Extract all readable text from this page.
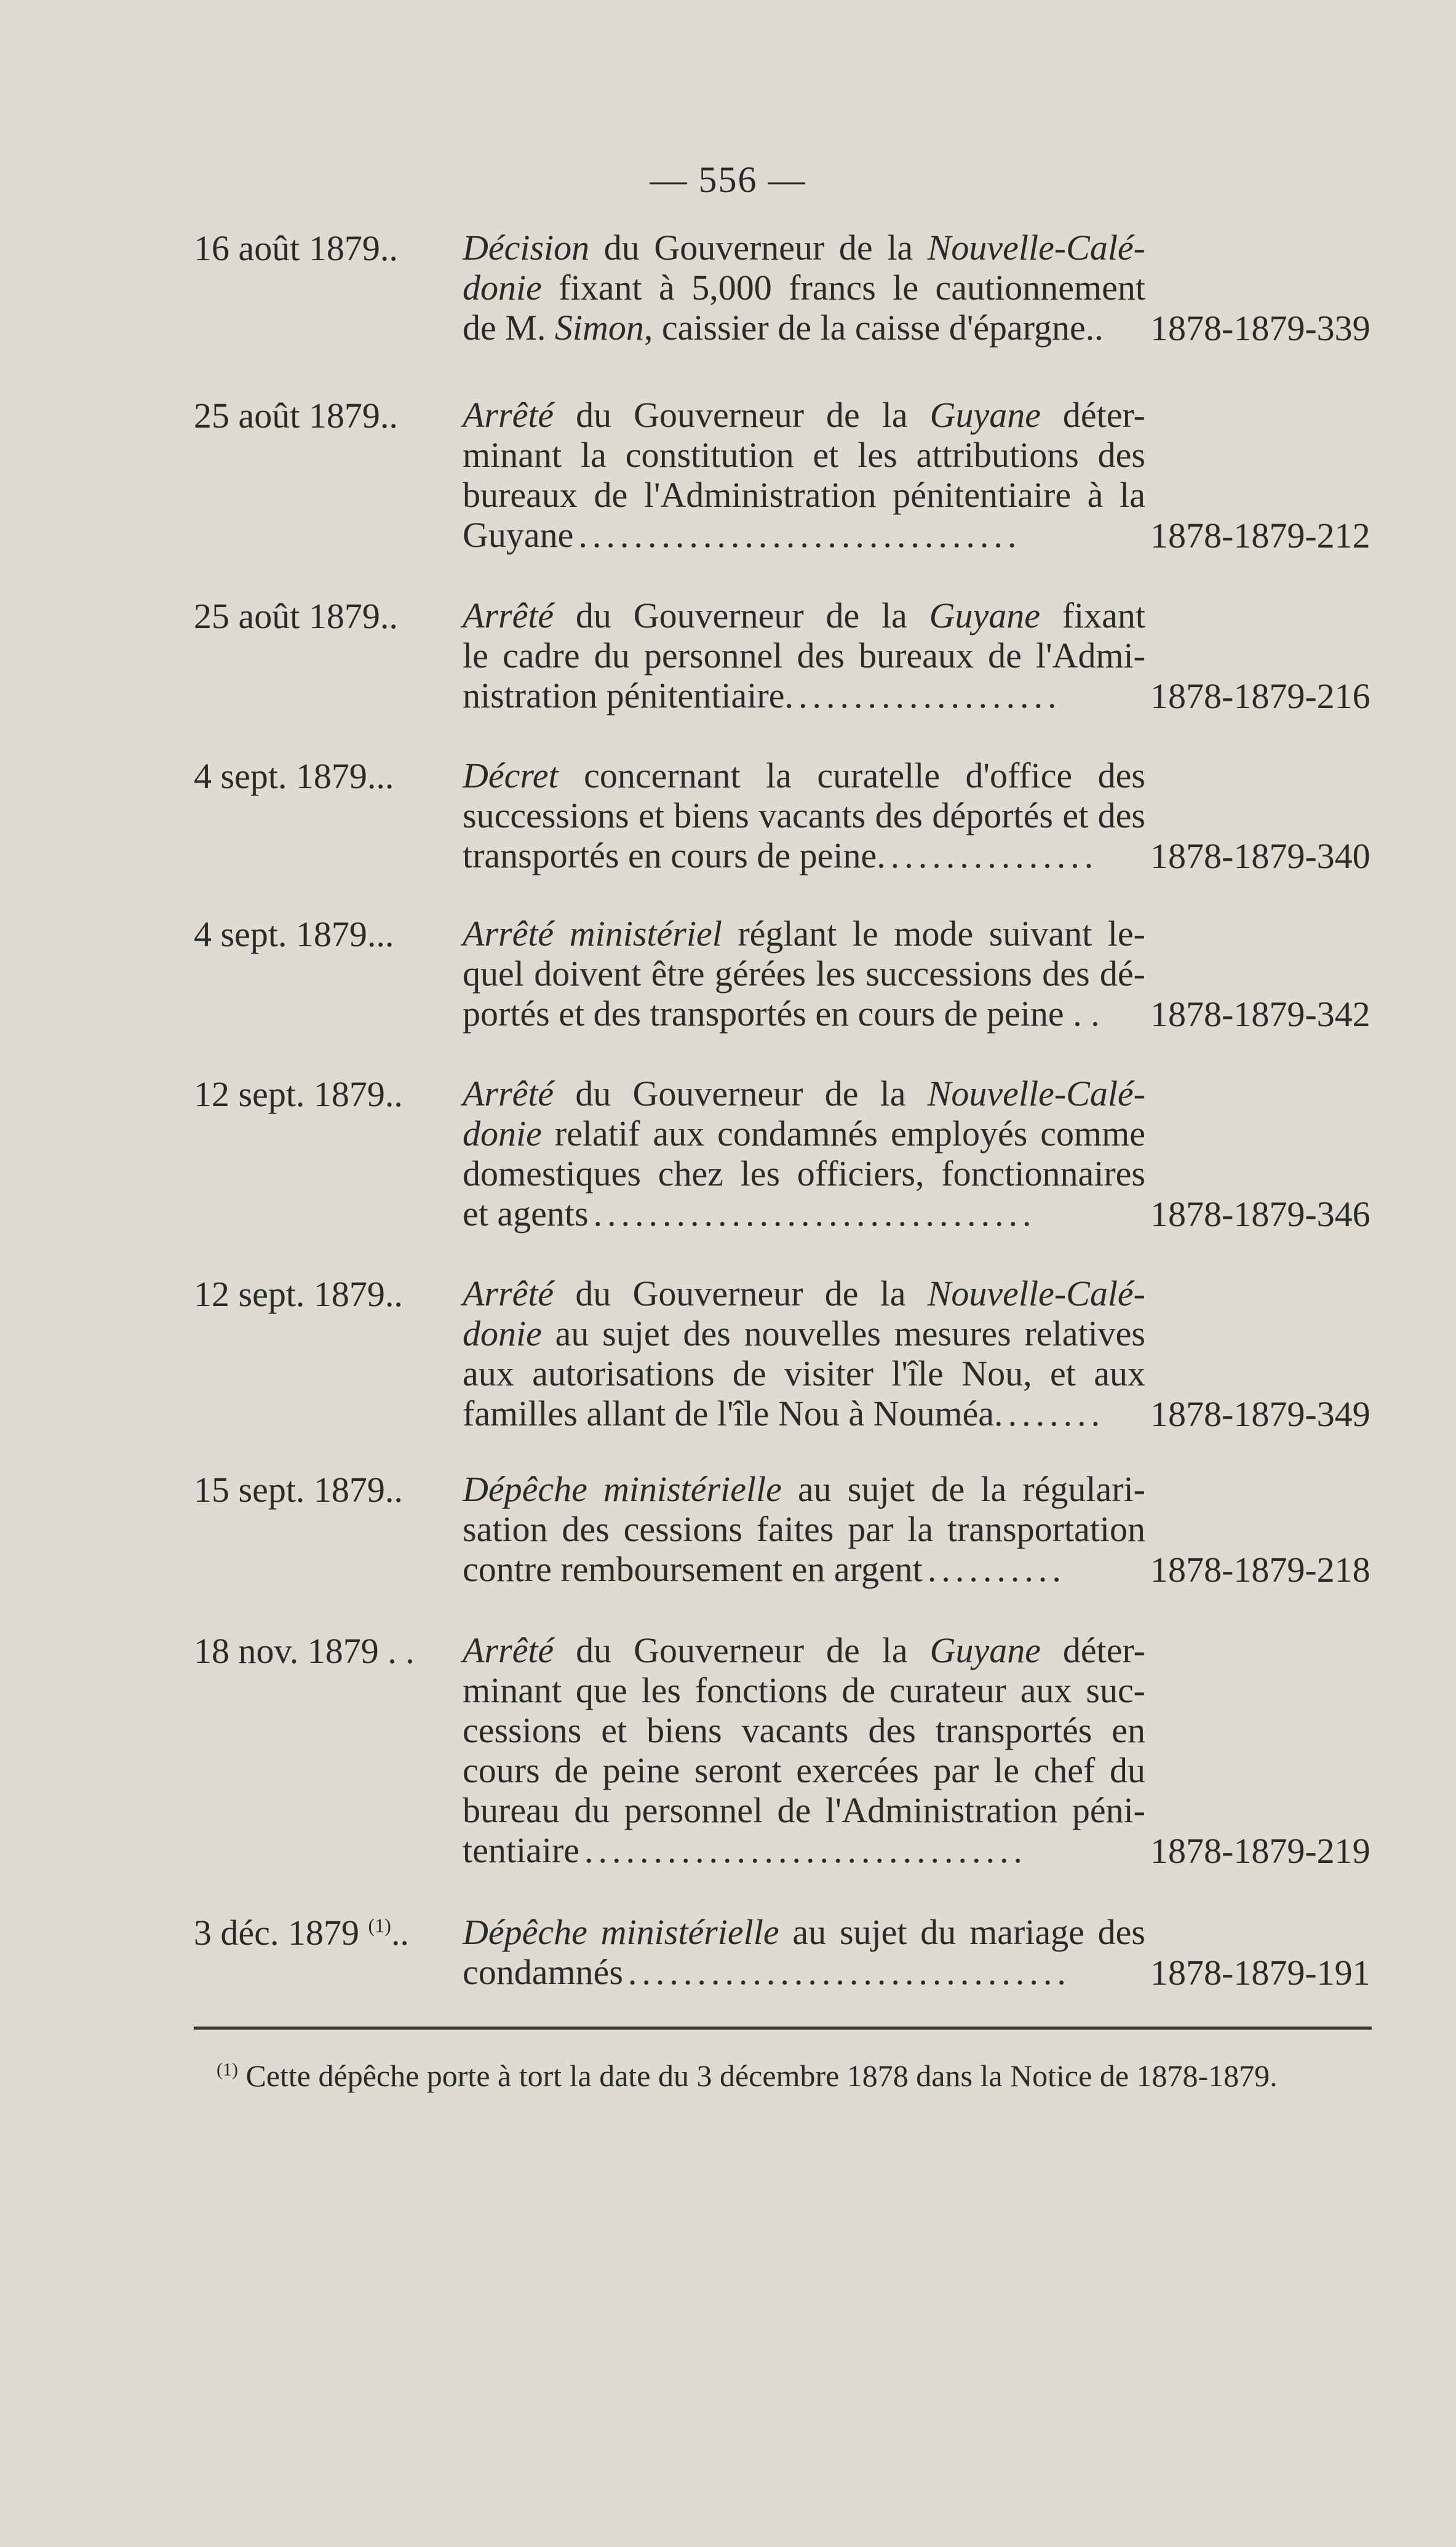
— 556 —
16 août 1879.. Décision du Gouverneur de la Nouvelle-Calé-
donie fixant à 5,000 francs le cautionnement
de M. Simon, caissier de la caisse d'épargne.. 1878-1879-339
25 août 1879.. Arrêté du Gouverneur de la Guyane déter-
minant la constitution et les attributions des
bureaux de l'Administration pénitentiaire à la
Guyane ................................	1878-1879-212
25 août 1879.. Arrêté du Gouverneur de la Guyane fixant
le cadre du personnel des bureaux de l'Admi-
nistration pénitentiaire. ...................	1878-1879-216
4 sept. 1879... Décret concernant la curatelle d'office des
successions et biens vacants des déportés et des
transportés en cours de peine. ...............	1878-1879-340
4 sept. 1879... Arrêté ministériel réglant le mode suivant le-
quel doivent être gérées les successions des dé-
portés et des transportés en cours de peine . . 1878-1879-342
12 sept. 1879.. Arrêté du Gouverneur de la Nouvelle-Calé-
donie relatif aux condamnés employés comme
domestiques chez les officiers, fonctionnaires
et agents ................................	1878-1879-346
12 sept. 1879.. Arrêté du Gouverneur de la Nouvelle-Calé-
donie au sujet des nouvelles mesures relatives
aux autorisations de visiter l'île Nou, et aux
familles allant de l'île Nou à Nouméa. .......	1878-1879-349
15 sept. 1879.. Dépêche ministérielle au sujet de la régulari-
sation des cessions faites par la transportation
contre remboursement en argent ..........	1878-1879-218
18 nov. 1879 . . Arrêté du Gouverneur de la Guyane déter-
minant que les fonctions de curateur aux suc-
cessions et biens vacants des transportés en
cours de peine seront exercées par le chef du
bureau du personnel de l'Administration péni-
tentiaire ................................	1878-1879-219
3 déc. 1879 $^{(1)}$.. Dépêche ministérielle au sujet du mariage des
condamnés ................................	1878-1879-191
$^{(1)}$ Cette dépêche porte à tort la date du 3 décembre 1878 dans la Notice de 1878-1879.
